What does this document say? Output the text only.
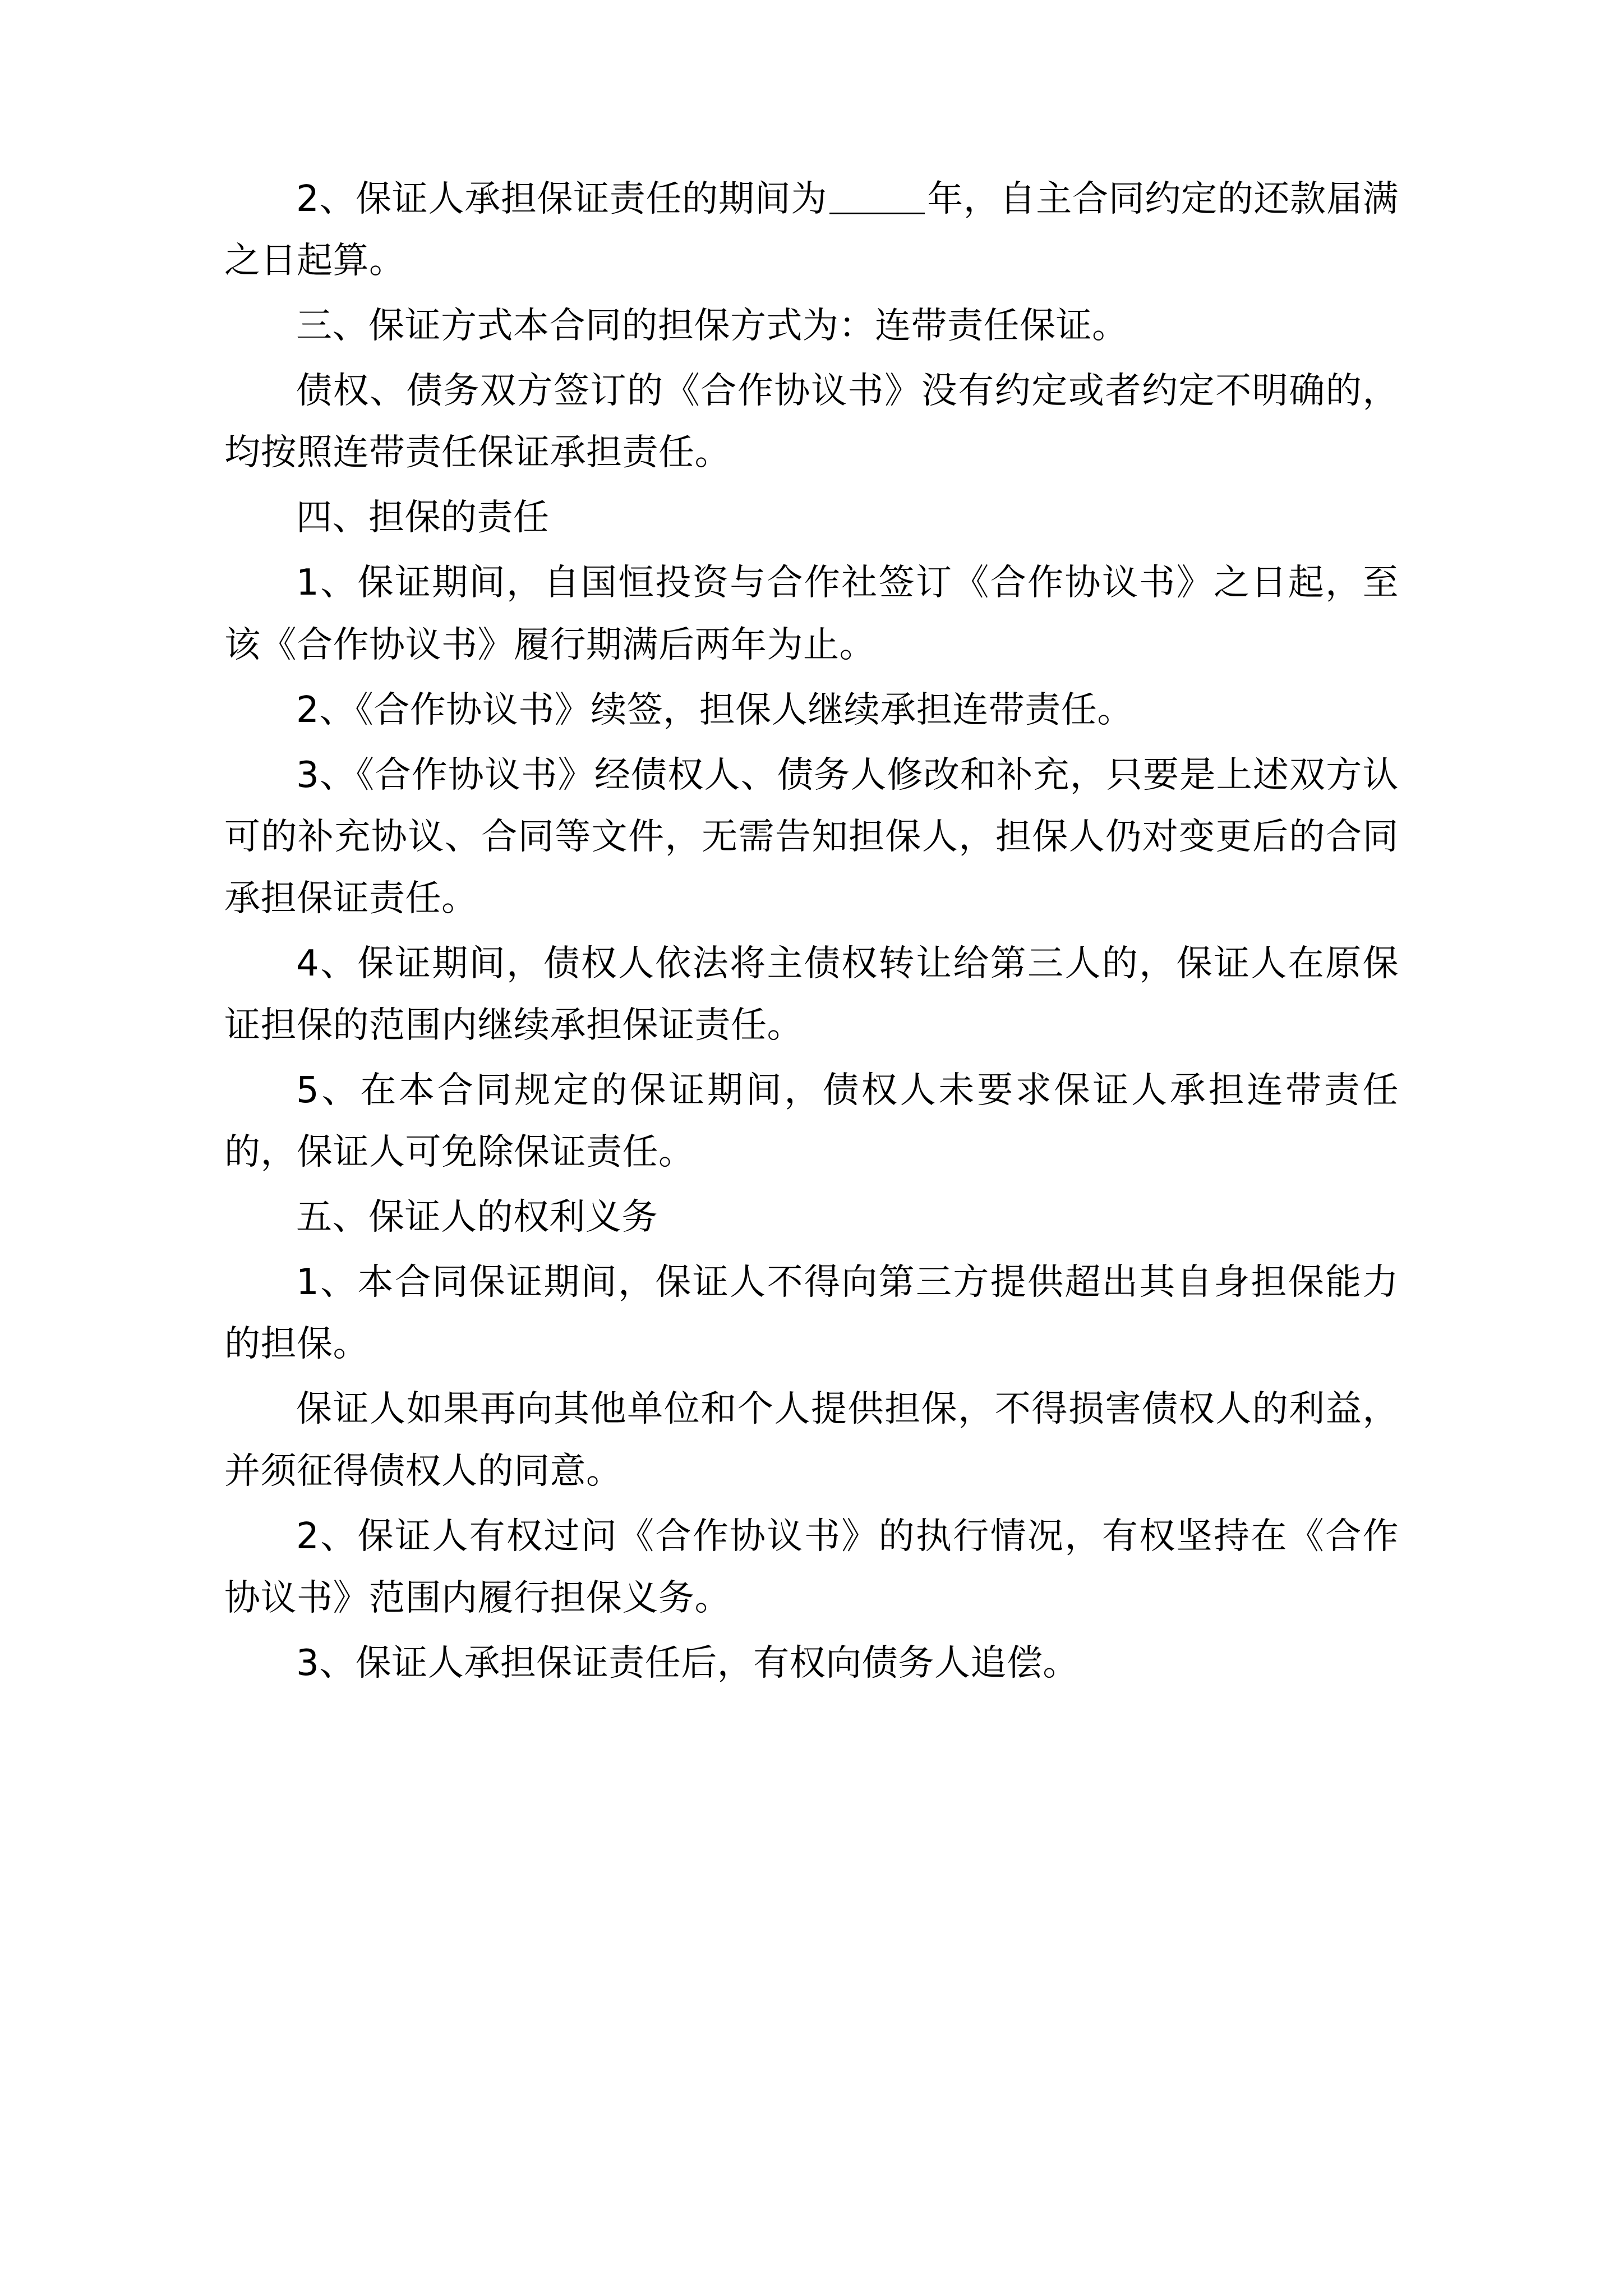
2、保证人承担保证责任的期间为	年，自主合同约定的还款届满之日起算。

三、保证方式本合同的担保方式为：连带责任保证。

债权、债务双方签订的《合作协议书》没有约定或者约定不明确的，均按照连带责任保证承担责任。

四、担保的责任

1、保证期间，自国恒投资与合作社签订《合作协议书》之日起，至该《合作协议书》履行期满后两年为止。

2、《合作协议书》续签，担保人继续承担连带责任。

3、《合作协议书》经债权人、债务人修改和补充，只要是上述双方认可的补充协议、合同等文件，无需告知担保人，担保人仍对变更后的合同承担保证责任。

4、保证期间，债权人依法将主债权转让给第三人的，保证人在原保证担保的范围内继续承担保证责任。

5、在本合同规定的保证期间，债权人未要求保证人承担连带责任的，保证人可免除保证责任。

五、保证人的权利义务

1、本合同保证期间，保证人不得向第三方提供超出其自身担保能力的担保。

保证人如果再向其他单位和个人提供担保，不得损害债权人的利益，并须征得债权人的同意。

2、保证人有权过问《合作协议书》的执行情况，有权坚持在《合作协议书》范围内履行担保义务。

3、保证人承担保证责任后，有权向债务人追偿。
